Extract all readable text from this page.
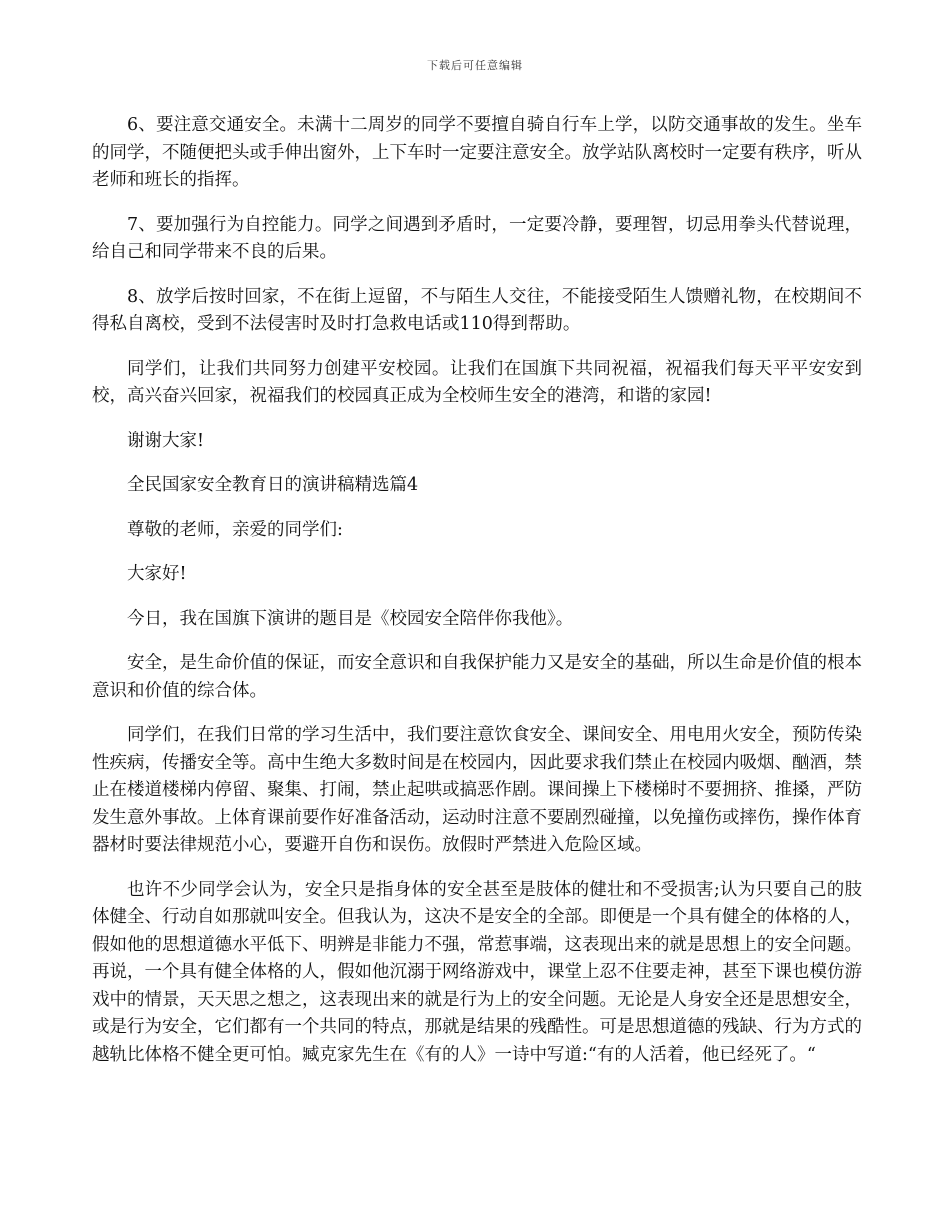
下载后可任意编辑

6、要注意交通安全。未满十二周岁的同学不要擅自骑自行车上学，以防交通事故的发生。坐车的同学，不随便把头或手伸出窗外，上下车时一定要注意安全。放学站队离校时一定要有秩序，听从老师和班长的指挥。

7、要加强行为自控能力。同学之间遇到矛盾时，一定要冷静，要理智，切忌用拳头代替说理，给自己和同学带来不良的后果。

8、放学后按时回家，不在街上逗留，不与陌生人交往，不能接受陌生人馈赠礼物，在校期间不得私自离校，受到不法侵害时及时打急救电话或110得到帮助。

同学们，让我们共同努力创建平安校园。让我们在国旗下共同祝福，祝福我们每天平平安安到校，高兴奋兴回家，祝福我们的校园真正成为全校师生安全的港湾，和谐的家园!

谢谢大家!

全民国家安全教育日的演讲稿精选篇4

尊敬的老师，亲爱的同学们:

大家好!

今日，我在国旗下演讲的题目是《校园安全陪伴你我他》。

安全，是生命价值的保证，而安全意识和自我保护能力又是安全的基础，所以生命是价值的根本意识和价值的综合体。

同学们，在我们日常的学习生活中，我们要注意饮食安全、课间安全、用电用火安全，预防传染性疾病，传播安全等。高中生绝大多数时间是在校园内，因此要求我们禁止在校园内吸烟、酗酒，禁止在楼道楼梯内停留、聚集、打闹，禁止起哄或搞恶作剧。课间操上下楼梯时不要拥挤、推搡，严防发生意外事故。上体育课前要作好准备活动，运动时注意不要剧烈碰撞，以免撞伤或摔伤，操作体育器材时要法律规范小心，要避开自伤和误伤。放假时严禁进入危险区域。

也许不少同学会认为，安全只是指身体的安全甚至是肢体的健壮和不受损害;认为只要自己的肢体健全、行动自如那就叫安全。但我认为，这决不是安全的全部。即便是一个具有健全的体格的人，假如他的思想道德水平低下、明辨是非能力不强，常惹事端，这表现出来的就是思想上的安全问题。再说，一个具有健全体格的人，假如他沉溺于网络游戏中，课堂上忍不住要走神，甚至下课也模仿游戏中的情景，天天思之想之，这表现出来的就是行为上的安全问题。无论是人身安全还是思想安全，或是行为安全，它们都有一个共同的特点，那就是结果的残酷性。可是思想道德的残缺、行为方式的越轨比体格不健全更可怕。臧克家先生在《有的人》一诗中写道:“有的人活着，他已经死了。“
